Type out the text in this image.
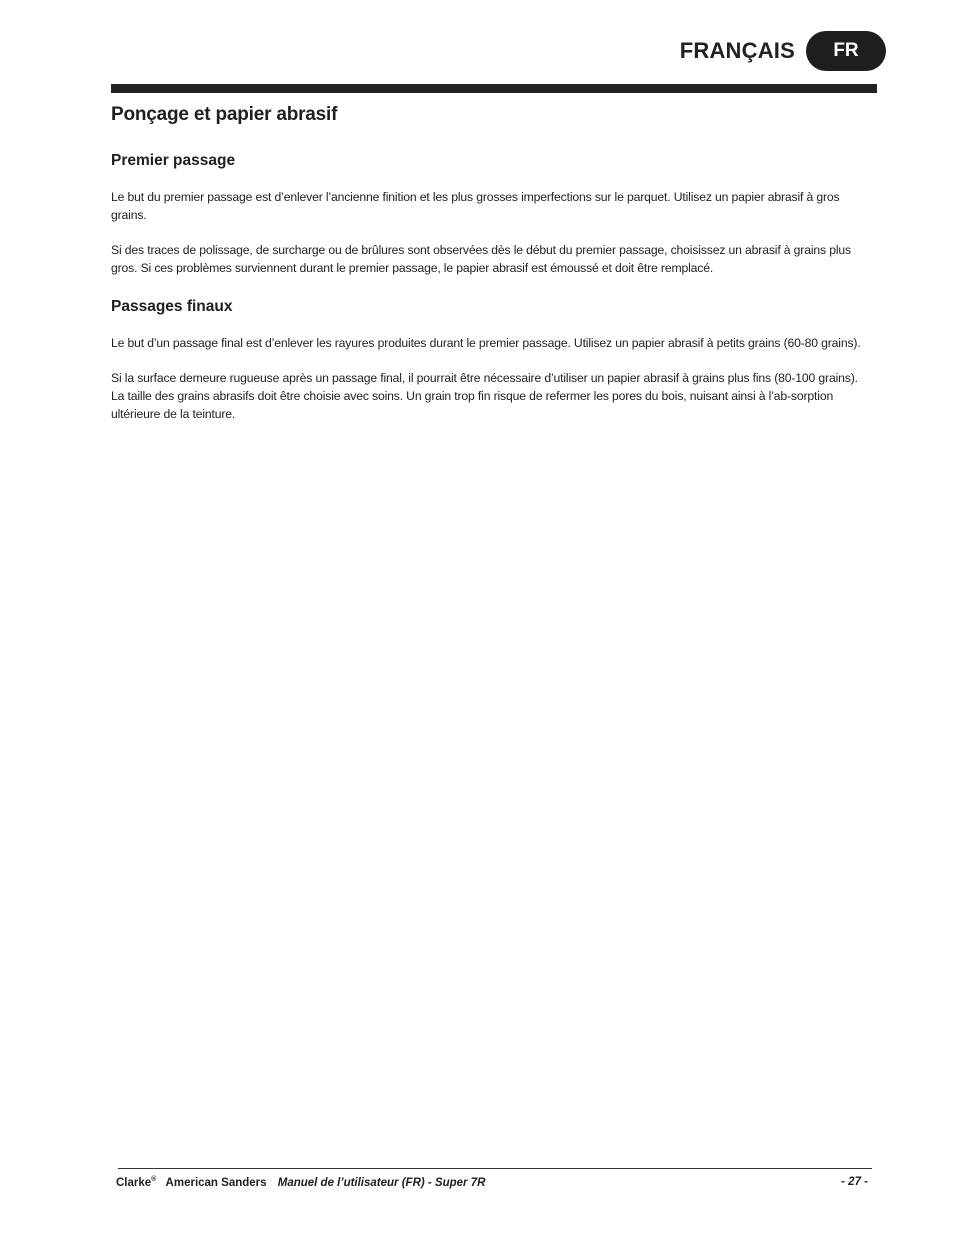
FRANÇAIS	FR
Ponçage et papier abrasif
Premier passage

Le but du premier passage est d’enlever l’ancienne finition et les plus grosses imperfections sur le parquet. Utilisez un papier abrasif à gros grains.

Si des traces de polissage, de surcharge ou de brûlures sont observées dès le début du premier passage, choisissez un abrasif à grains plus gros. Si ces problèmes surviennent durant le premier passage, le papier abrasif est émoussé et doit être remplacé.

Passages finaux

Le but d’un passage final est d’enlever les rayures produites durant le premier passage. Utilisez un papier abrasif à petits grains (60-80 grains).

Si la surface demeure rugueuse après un passage final, il pourrait être nécessaire d’utiliser un papier abrasif à grains plus fins (80-100 grains). La taille des grains abrasifs doit être choisie avec soins. Un grain trop fin risque de refermer les pores du bois, nuisant ainsi à l’ab-sorption ultérieure de la teinture.

Clarke® American Sanders Manuel de l’utilisateur (FR) - Super 7R	- 27 -
